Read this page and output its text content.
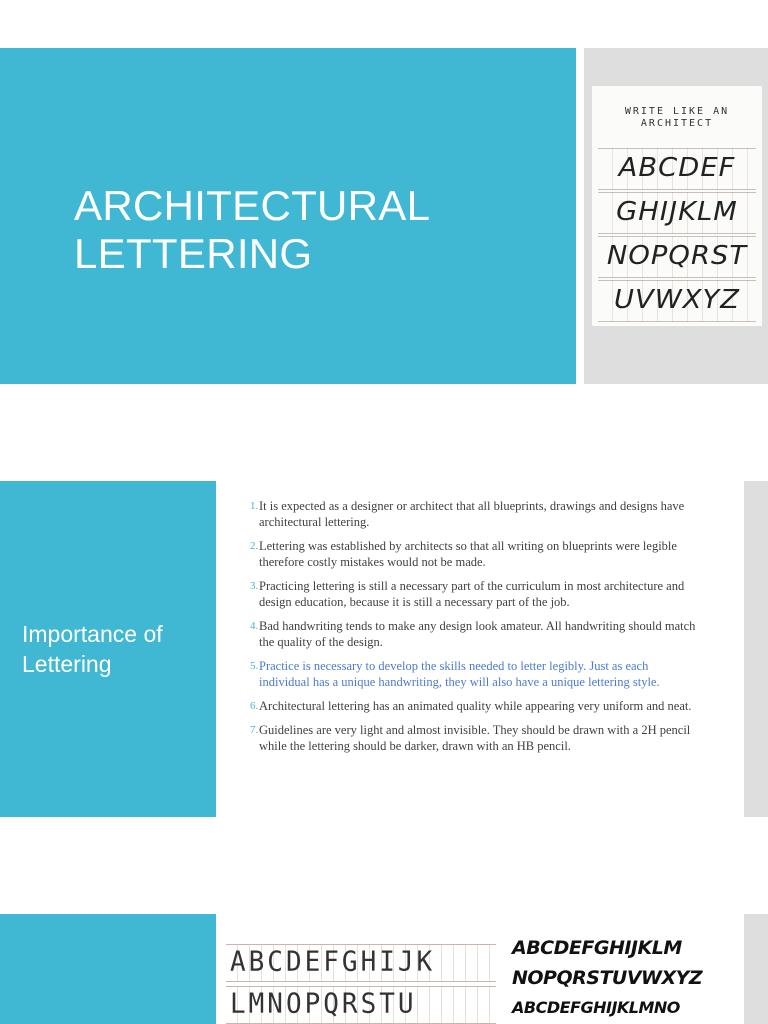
ARCHITECTURAL
LETTERING
WRITE LIKE AN
ARCHITECT
ABCDEF
GHIJKLM
NOPQRST
UVWXYZ
Importance of Lettering
1. It is expected as a designer or architect that all blueprints, drawings and designs have architectural lettering.
2. Lettering was established by architects so that all writing on blueprints were legible therefore costly mistakes would not be made.
3. Practicing lettering is still a necessary part of the curriculum in most architecture and design education, because it is still a necessary part of the job.
4. Bad handwriting tends to make any design look amateur. All handwriting should match the quality of the design.
5. Practice is necessary to develop the skills needed to letter legibly. Just as each individual has a unique handwriting, they will also have a unique lettering style.
6. Architectural lettering has an animated quality while appearing very uniform and neat.
7. Guidelines are very light and almost invisible. They should be drawn with a 2H pencil while the lettering should be darker, drawn with an HB pencil.
ABCDEFGHIJK
LMNOPQRSTU
ABCDEFGHIJKLM
NOPQRSTUVWXYZ
ABCDEFGHIJKLMNO
